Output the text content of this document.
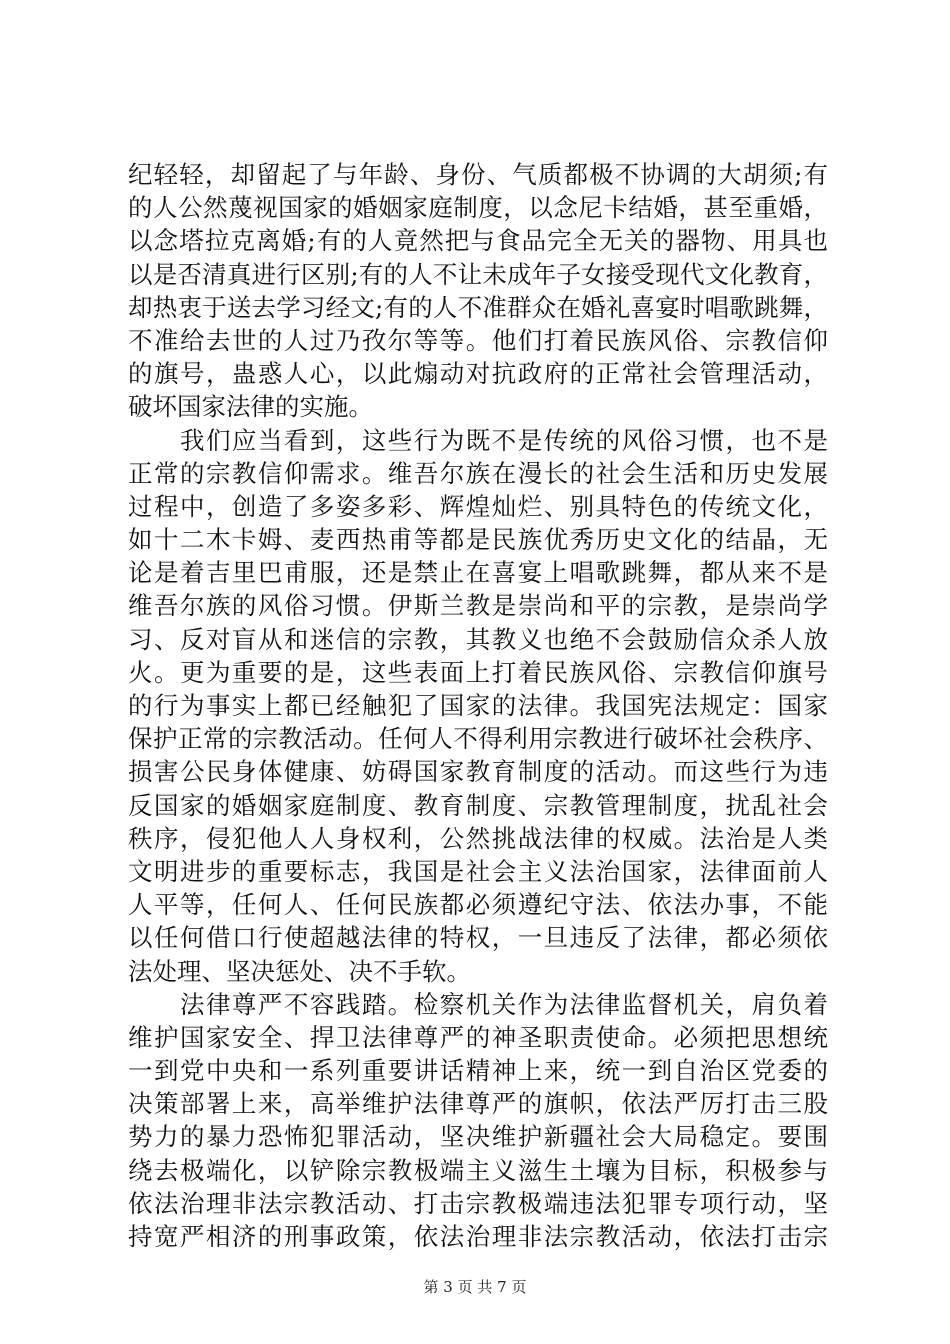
纪轻轻，却留起了与年龄、身份、气质都极不协调的大胡须;有
的人公然蔑视国家的婚姻家庭制度，以念尼卡结婚，甚至重婚，
以念塔拉克离婚;有的人竟然把与食品完全无关的器物、用具也
以是否清真进行区别;有的人不让未成年子女接受现代文化教育，
却热衷于送去学习经文;有的人不准群众在婚礼喜宴时唱歌跳舞，
不准给去世的人过乃孜尔等等。他们打着民族风俗、宗教信仰
的旗号，蛊惑人心，以此煽动对抗政府的正常社会管理活动，
破坏国家法律的实施。
　　我们应当看到，这些行为既不是传统的风俗习惯，也不是
正常的宗教信仰需求。维吾尔族在漫长的社会生活和历史发展
过程中，创造了多姿多彩、辉煌灿烂、别具特色的传统文化，
如十二木卡姆、麦西热甫等都是民族优秀历史文化的结晶，无
论是着吉里巴甫服，还是禁止在喜宴上唱歌跳舞，都从来不是
维吾尔族的风俗习惯。伊斯兰教是崇尚和平的宗教，是崇尚学
习、反对盲从和迷信的宗教，其教义也绝不会鼓励信众杀人放
火。更为重要的是，这些表面上打着民族风俗、宗教信仰旗号
的行为事实上都已经触犯了国家的法律。我国宪法规定：国家
保护正常的宗教活动。任何人不得利用宗教进行破坏社会秩序、
损害公民身体健康、妨碍国家教育制度的活动。而这些行为违
反国家的婚姻家庭制度、教育制度、宗教管理制度，扰乱社会
秩序，侵犯他人人身权利，公然挑战法律的权威。法治是人类
文明进步的重要标志，我国是社会主义法治国家，法律面前人
人平等，任何人、任何民族都必须遵纪守法、依法办事，不能
以任何借口行使超越法律的特权，一旦违反了法律，都必须依
法处理、坚决惩处、决不手软。
　　法律尊严不容践踏。检察机关作为法律监督机关，肩负着
维护国家安全、捍卫法律尊严的神圣职责使命。必须把思想统
一到党中央和一系列重要讲话精神上来，统一到自治区党委的
决策部署上来，高举维护法律尊严的旗帜，依法严厉打击三股
势力的暴力恐怖犯罪活动，坚决维护新疆社会大局稳定。要围
绕去极端化，以铲除宗教极端主义滋生土壤为目标，积极参与
依法治理非法宗教活动、打击宗教极端违法犯罪专项行动，坚
持宽严相济的刑事政策，依法治理非法宗教活动，依法打击宗
第 3 页 共 7 页
